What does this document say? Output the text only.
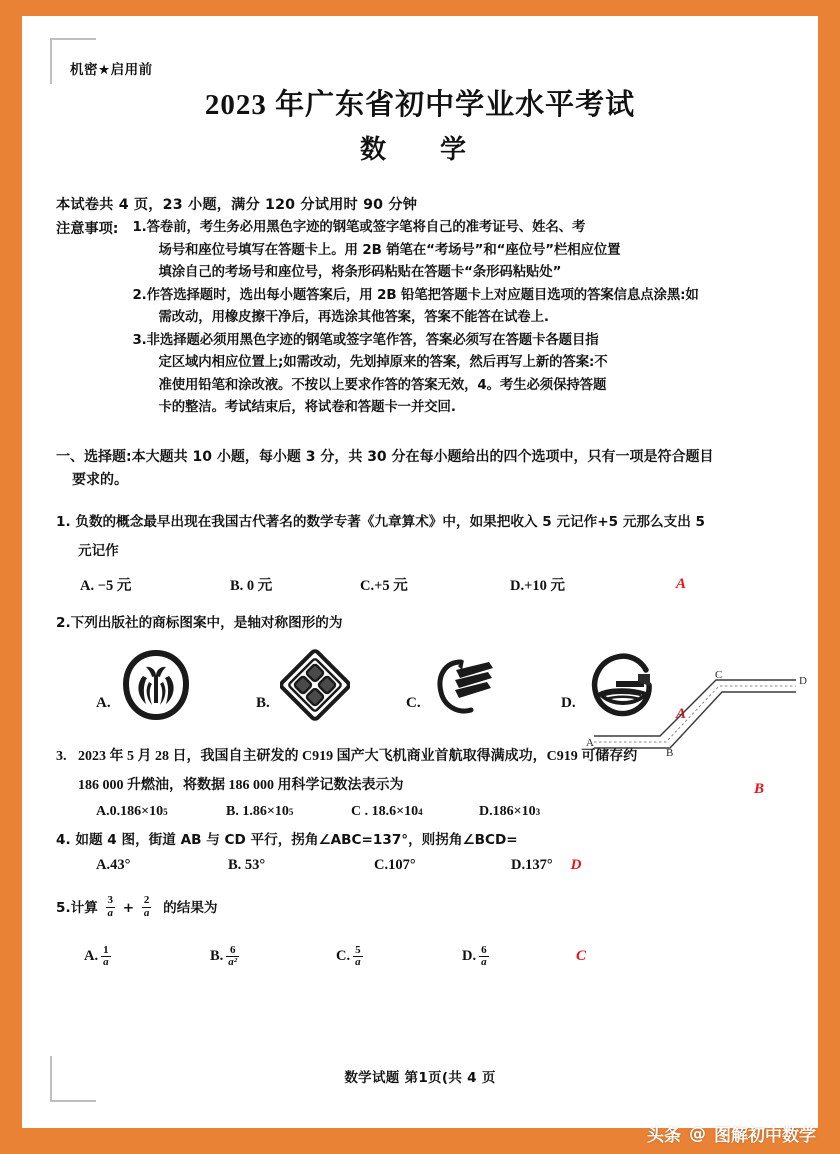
机密★启用前
2023 年广东省初中学业水平考试
数　学
本试卷共 4 页，23 小题，满分 120 分试用时 90 分钟
注意事项: 1.答卷前，考生务必用黑色字迹的钢笔或签字笔将自己的准考证号、姓名、考
场号和座位号填写在答题卡上。用 2B 销笔在“考场号”和“座位号”栏相应位置
填涂自己的考场号和座位号，将条形码粘贴在答题卡“条形码粘贴处”
2.作答选择题时，选出每小题答案后，用 2B 铅笔把答题卡上对应题目选项的答案信息点涂黑:如
需改动，用橡皮擦干净后，再选涂其他答案，答案不能答在试卷上.
3.非选择题必须用黑色字迹的钢笔或签字笔作答，答案必须写在答题卡各题目指
定区域内相应位置上;如需改动，先划掉原来的答案，然后再写上新的答案:不
准使用铅笔和涂改液。不按以上要求作答的答案无效，4。考生必须保持答题
卡的整洁。考试结束后，将试卷和答题卡一并交回.
一、选择题:本大题共 10 小题，每小题 3 分，共 30 分在每小题给出的四个选项中，只有一项是符合题目
要求的。
1. 负数的概念最早出现在我国古代著名的数学专著《九章算术》中，如果把收入 5 元记作+5 元那么支出 5
元记作
A. −5 元	B. 0 元	C.+5 元	D.+10 元	A
2.下列出版社的商标图案中，是轴对称图形的为
A.	B.	C.	D.
A
3. 2023 年 5 月 28 日，我国自主研发的 C919 国产大飞机商业首航取得满成功，C919 可储存约
186 000 升燃油，将数据 186 000 用科学记数法表示为	B
A.0.186×10 5	B. 1.86×10 5	C . 18.6×10 4	D.186×10 3
4. 如题 4 图，街道 AB 与 CD 平行，拐角∠ABC=137°，则拐角∠BCD=
A.43°	B. 53°	C.107°	D.137° D
5.计算 $\frac{3}{a} + \frac{2}{a}$ 的结果为
A. $\frac{1}{a}$	B. $\frac{6}{\text{a²}}$	C. $\frac{5}{a}$	D. $\frac{6}{a}$	C
A
B
C	D
数学试题 第1页(共 4 页
头条 @ 图解初中数学
